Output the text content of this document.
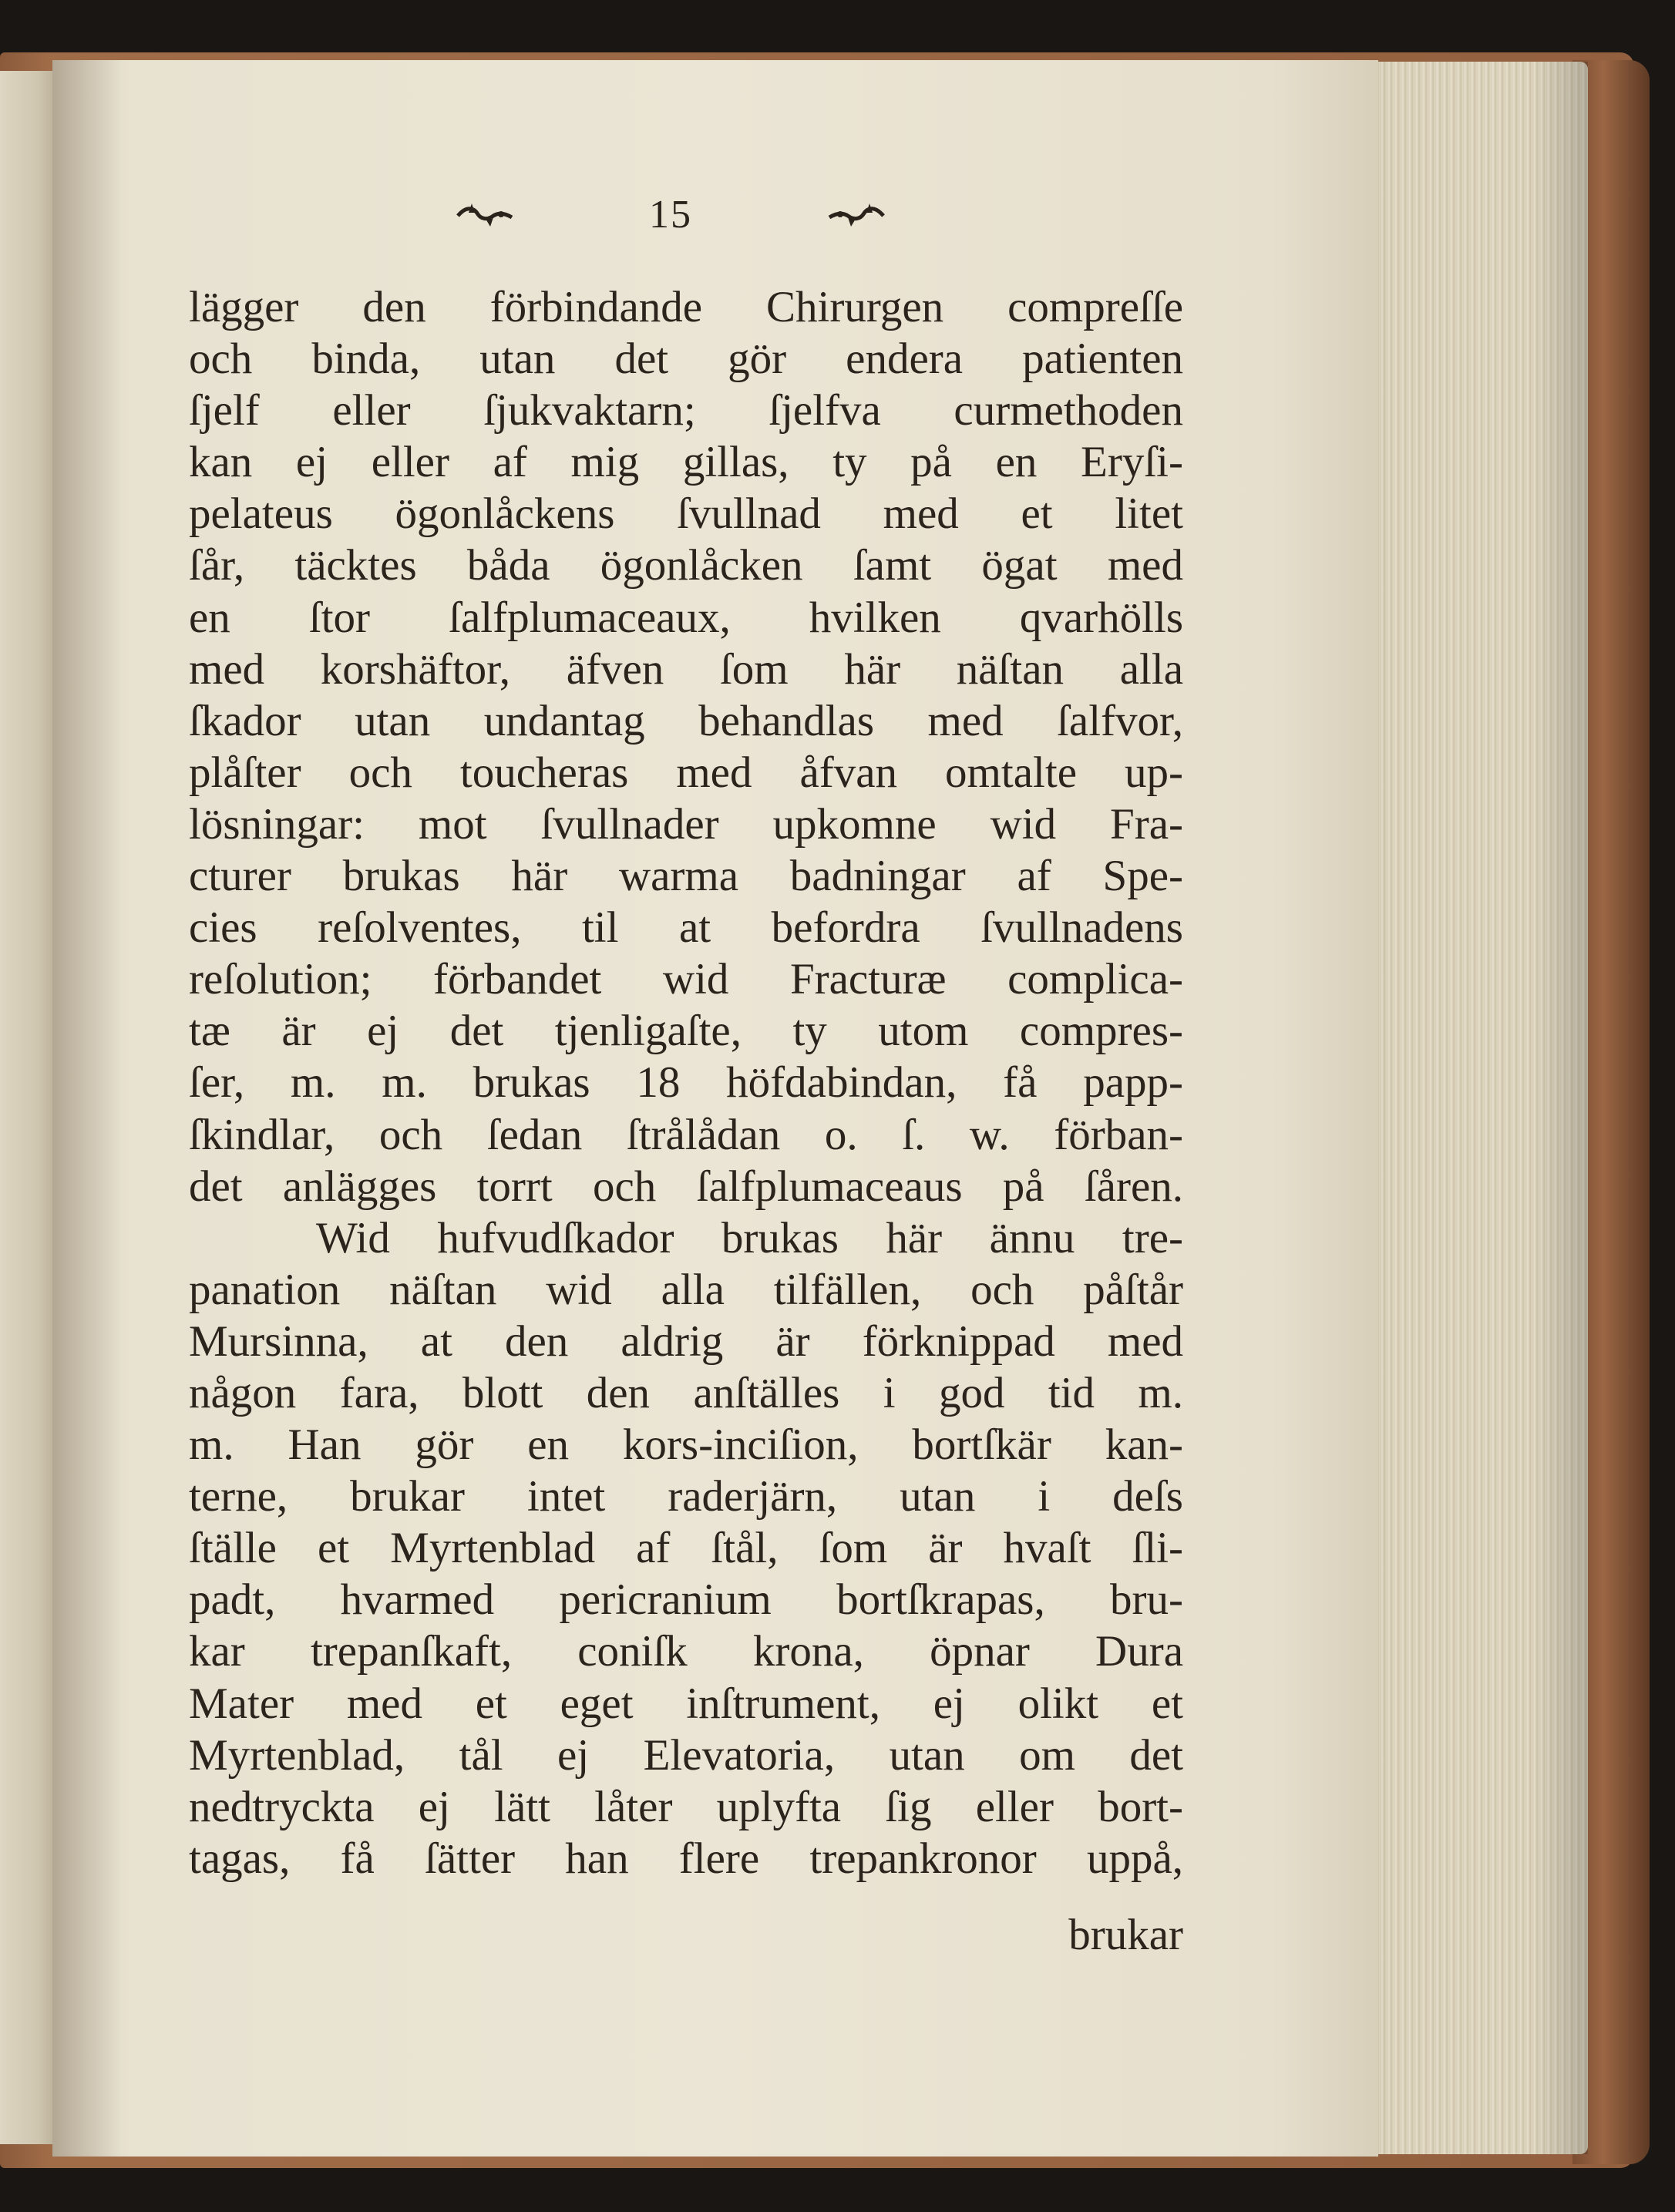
15
lägger den förbindande Chirurgen compreſſe
och binda, utan det gör endera patienten
ſjelf eller ſjukvaktarn; ſjelfva curmethoden
kan ej eller af mig gillas, ty på en Eryſi-
pelateus ögonlåckens ſvullnad med et litet
ſår, täcktes båda ögonlåcken ſamt ögat med
en ſtor ſalfplumaceaux, hvilken qvarhölls
med korshäftor, äfven ſom här näſtan alla
ſkador utan undantag behandlas med ſalfvor,
plåſter och toucheras med åfvan omtalte up-
lösningar: mot ſvullnader upkomne wid Fra-
cturer brukas här warma badningar af Spe-
cies reſolventes, til at befordra ſvullnadens
reſolution; förbandet wid Fracturæ complica-
tæ är ej det tjenligaſte, ty utom compres-
ſer, m. m. brukas 18 höfdabindan, få papp-
ſkindlar, och ſedan ſtrålådan o. ſ. w. förban-
det anlägges torrt och ſalfplumaceaus på ſåren.
Wid hufvudſkador brukas här ännu tre-
panation näſtan wid alla tilfällen, och påſtår
Mursinna, at den aldrig är förknippad med
någon fara, blott den anſtälles i god tid m.
m. Han gör en kors-inciſion, bortſkär kan-
terne, brukar intet raderjärn, utan i deſs
ſtälle et Myrtenblad af ſtål, ſom är hvaſt ſli-
padt, hvarmed pericranium bortſkrapas, bru-
kar trepanſkaft, coniſk krona, öpnar Dura
Mater med et eget inſtrument, ej olikt et
Myrtenblad, tål ej Elevatoria, utan om det
nedtryckta ej lätt låter uplyfta ſig eller bort-
tagas, få ſätter han flere trepankronor uppå,
brukar
